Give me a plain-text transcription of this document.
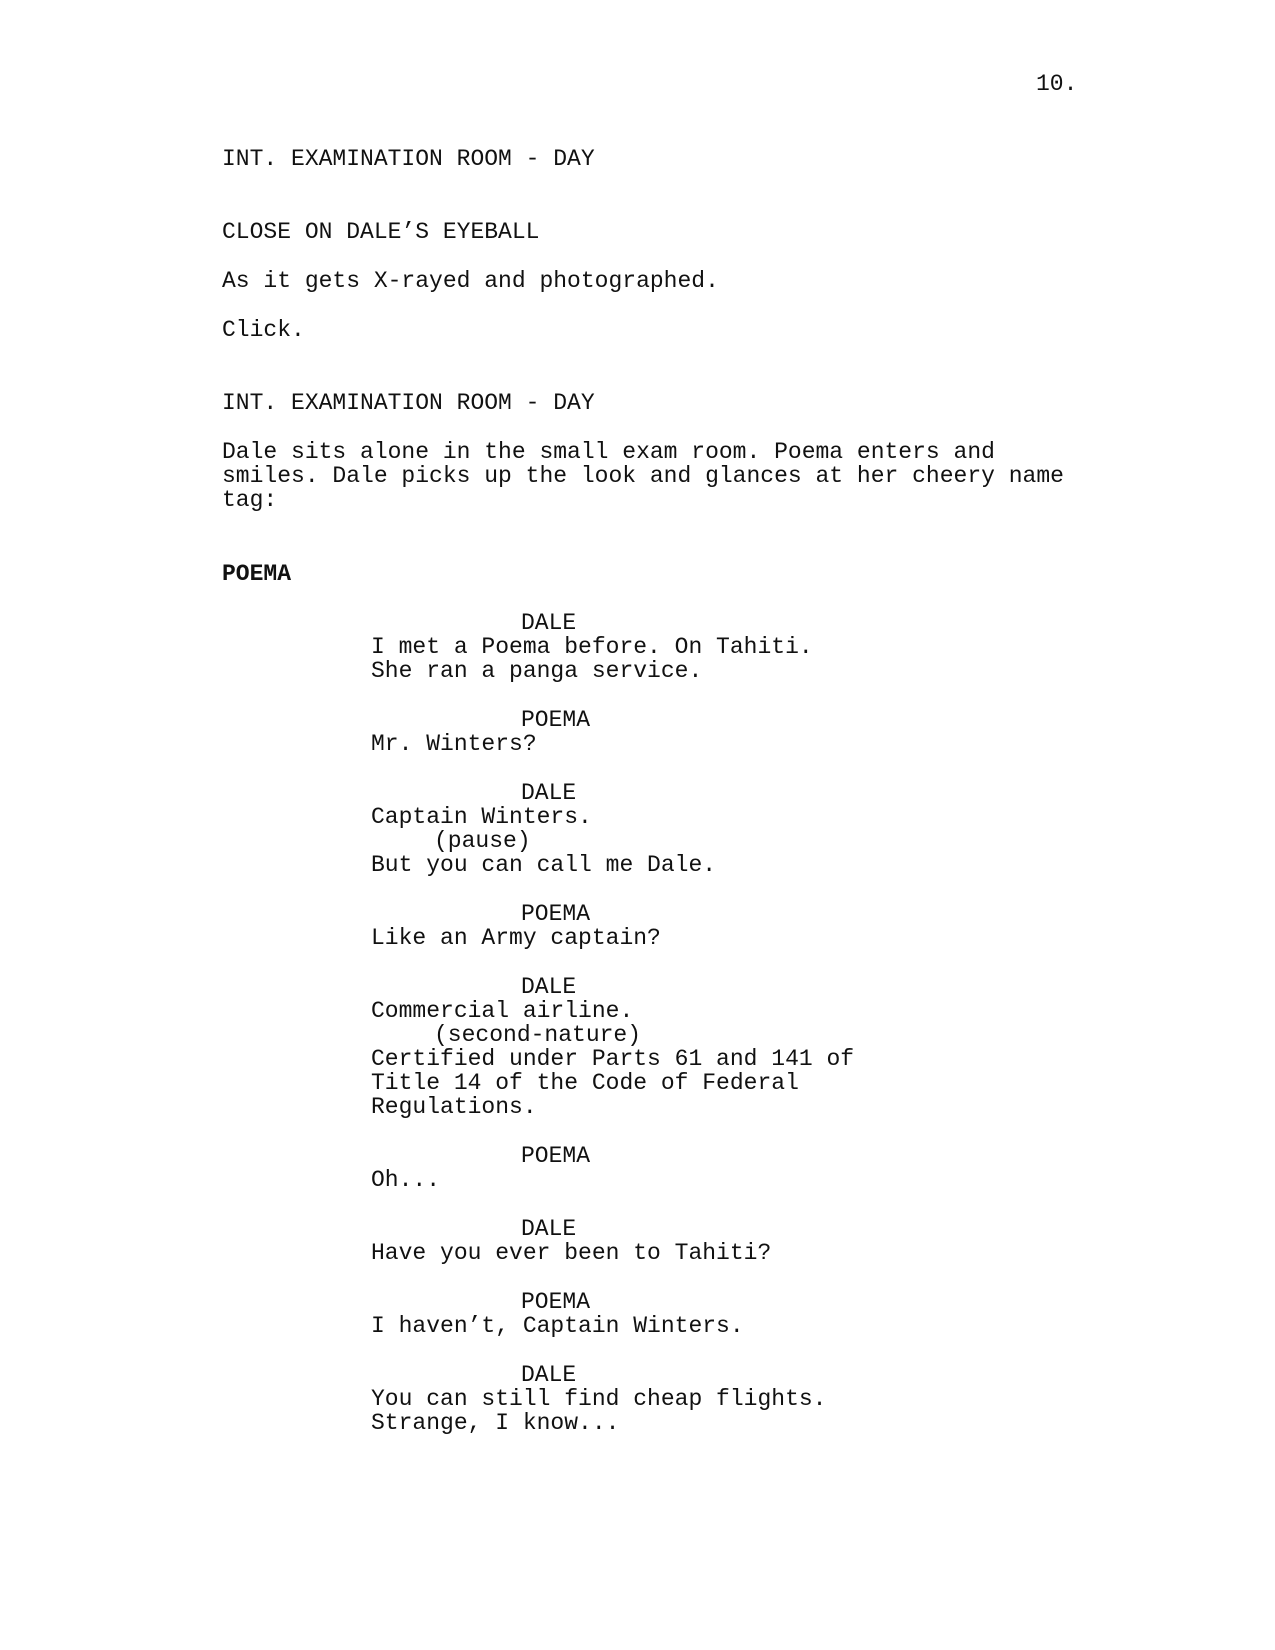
10.
INT. EXAMINATION ROOM - DAY
CLOSE ON DALE’S EYEBALL
As it gets X-rayed and photographed.
Click.
INT. EXAMINATION ROOM - DAY
Dale sits alone in the small exam room. Poema enters and
smiles. Dale picks up the look and glances at her cheery name
tag:
POEMA
DALE
I met a Poema before. On Tahiti.
She ran a panga service.
POEMA
Mr. Winters?
DALE
Captain Winters.
(pause)
But you can call me Dale.
POEMA
Like an Army captain?
DALE
Commercial airline.
(second-nature)
Certified under Parts 61 and 141 of
Title 14 of the Code of Federal
Regulations.
POEMA
Oh...
DALE
Have you ever been to Tahiti?
POEMA
I haven’t, Captain Winters.
DALE
You can still find cheap flights.
Strange, I know...
